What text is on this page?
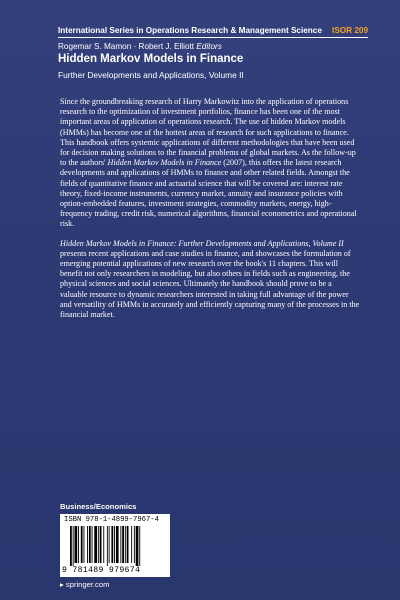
International Series in Operations Research & Management Science ISOR 209
Rogemar S. Mamon · Robert J. Elliott Editors
Hidden Markov Models in Finance
Further Developments and Applications, Volume II

Since the groundbreaking research of Harry Markowitz into the application of operations research to the optimization of investment portfolios, finance has been one of the most important areas of application of operations research. The use of hidden Markov models (HMMs) has become one of the hottest areas of research for such applications to finance. This handbook offers systemic applications of different methodologies that have been used for decision making solutions to the financial problems of global markets. As the follow-up to the authors' Hidden Markov Models in Finance (2007), this offers the latest research developments and applications of HMMs to finance and other related fields. Amongst the fields of quantitative finance and actuarial science that will be covered are: interest rate theory, fixed-income instruments, currency market, annuity and insurance policies with option-embedded features, investment strategies, commodity markets, energy, high-frequency trading, credit risk, numerical algorithms, financial econometrics and operational risk.

Hidden Markov Models in Finance: Further Developments and Applications, Volume II presents recent applications and case studies in finance, and showcases the formulation of emerging potential applications of new research over the book's 11 chapters. This will benefit not only researchers in modeling, but also others in fields such as engineering, the physical sciences and social sciences. Ultimately the handbook should prove to be a valuable resource to dynamic researchers interested in taking full advantage of the power and versatility of HMMs in accurately and efficiently capturing many of the processes in the financial market.

Business/Economics
ISBN 978-1-4899-7967-4
9 781489 979674
▸ springer.com
